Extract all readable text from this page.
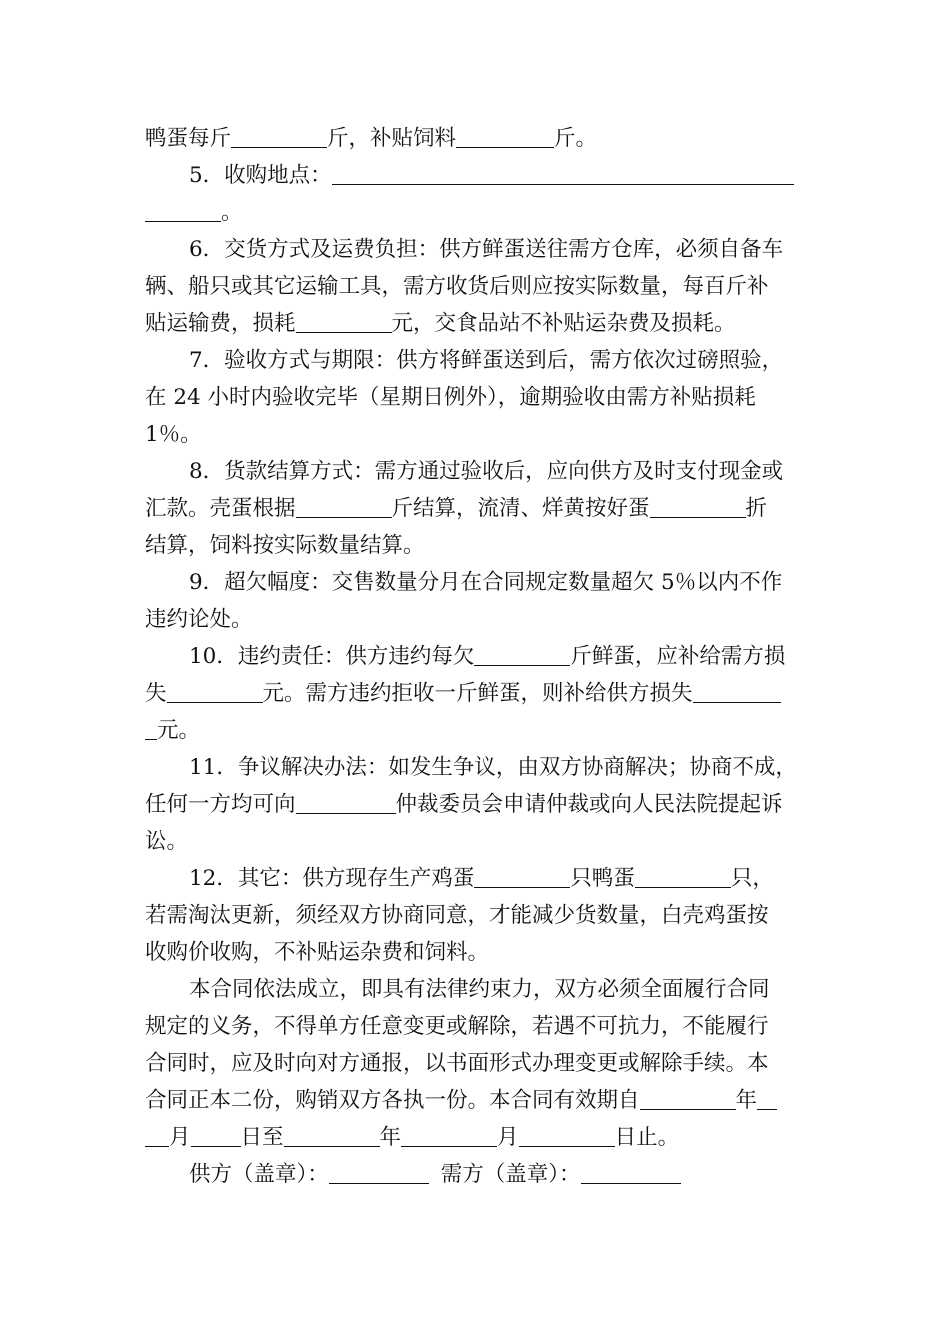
鸭蛋每斤	斤，补贴饲料	斤。
5．收购地点：
。
6．交货方式及运费负担：供方鲜蛋送往需方仓库，必须自备车
辆、船只或其它运输工具，需方收货后则应按实际数量，每百斤补
贴运输费，损耗	元，交食品站不补贴运杂费及损耗。
7．验收方式与期限：供方将鲜蛋送到后，需方依次过磅照验，
在 24 小时内验收完毕（星期日例外），逾期验收由需方补贴损耗
1％。
8．货款结算方式：需方通过验收后，应向供方及时支付现金或
汇款。壳蛋根据	斤结算，流清、烊黄按好蛋	折
结算，饲料按实际数量结算。
9．超欠幅度：交售数量分月在合同规定数量超欠 5％以内不作
违约论处。
10．违约责任：供方违约每欠	斤鲜蛋，应补给需方损
失	元。需方违约拒收一斤鲜蛋，则补给供方损失
元。
11．争议解决办法：如发生争议，由双方协商解决；协商不成，
任何一方均可向	仲裁委员会申请仲裁或向人民法院提起诉
讼。
12．其它：供方现存生产鸡蛋	只鸭蛋	只，
若需淘汰更新，须经双方协商同意，才能减少货数量，白壳鸡蛋按
收购价收购，不补贴运杂费和饲料。
本合同依法成立，即具有法律约束力，双方必须全面履行合同
规定的义务，不得单方任意变更或解除，若遇不可抗力，不能履行
合同时，应及时向对方通报，以书面形式办理变更或解除手续。本
合同正本二份，购销双方各执一份。本合同有效期自	年
月 日至	年	月	日止。
供方（盖章）：	需方（盖章）：
